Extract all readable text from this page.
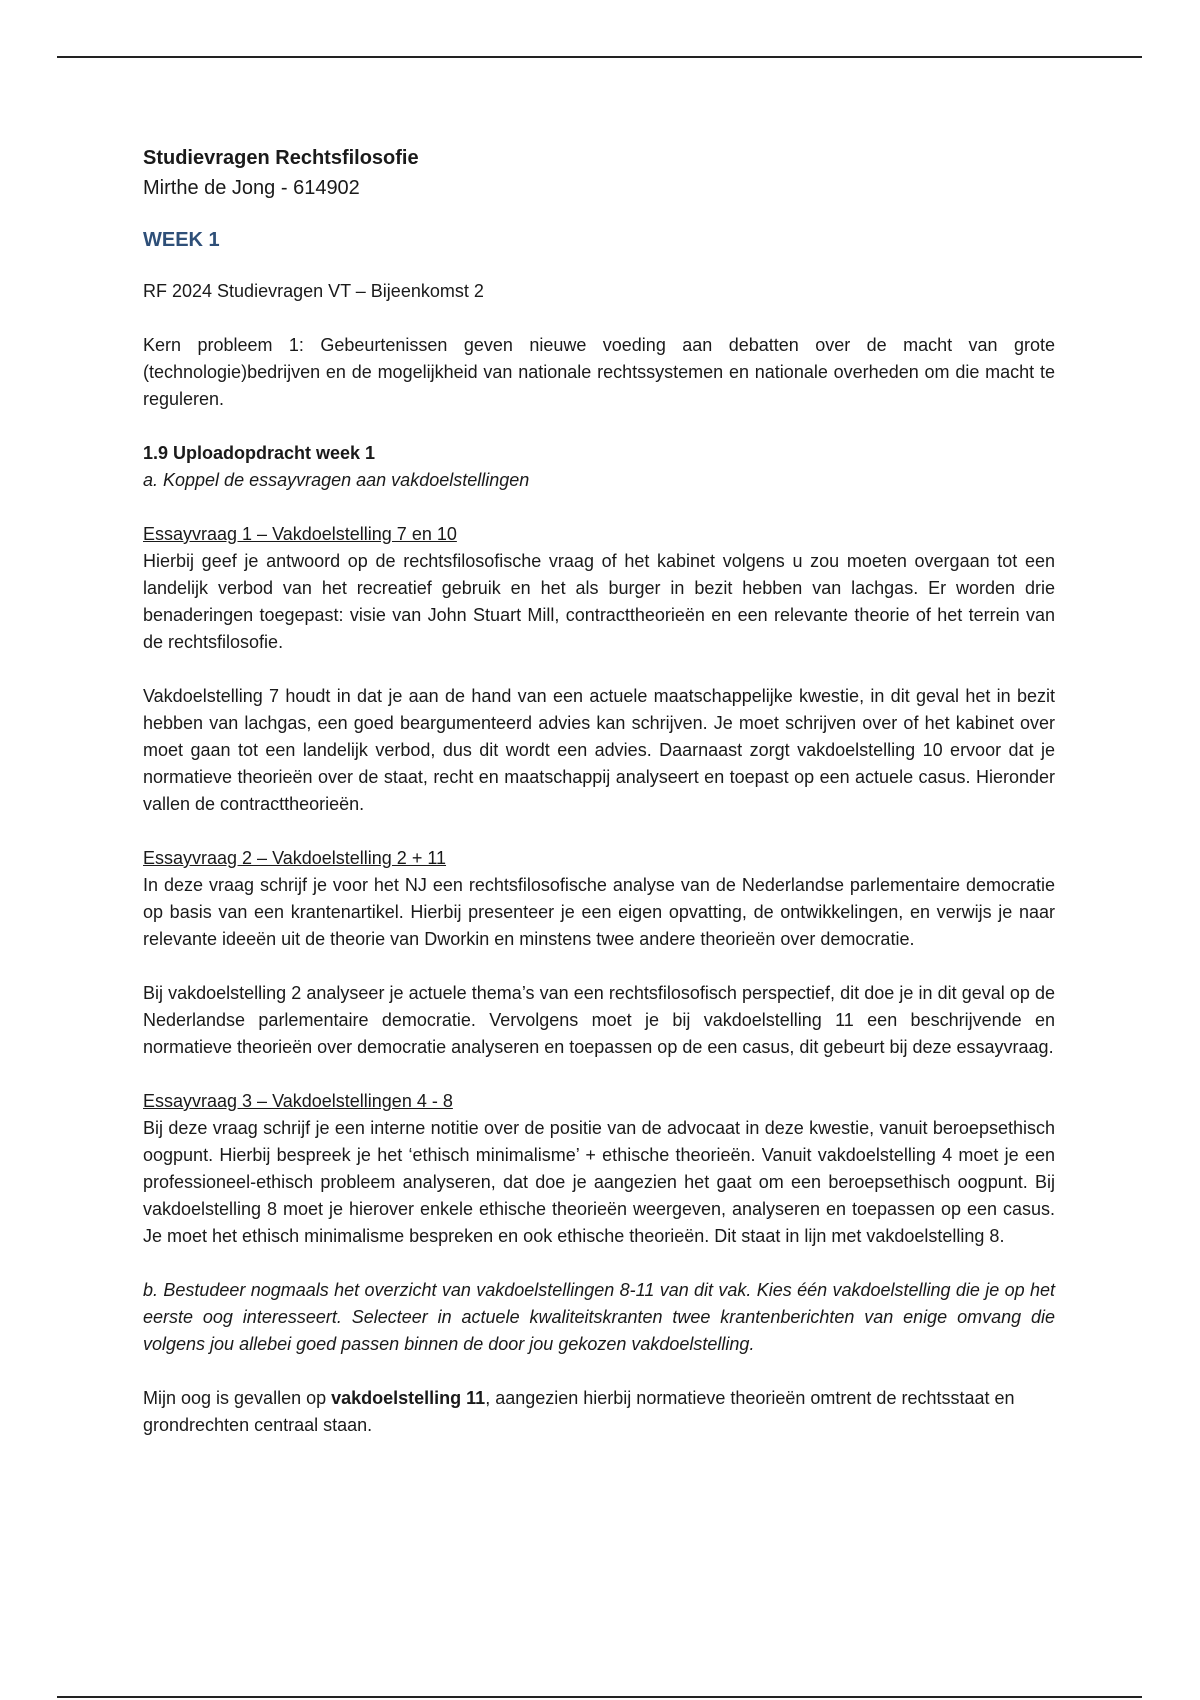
Studievragen Rechtsfilosofie
Mirthe de Jong - 614902
WEEK 1

RF 2024 Studievragen VT – Bijeenkomst 2

Kern probleem 1: Gebeurtenissen geven nieuwe voeding aan debatten over de macht van grote (technologie)bedrijven en de mogelijkheid van nationale rechtssystemen en nationale overheden om die macht te reguleren.

1.9 Uploadopdracht week 1

a. Koppel de essayvragen aan vakdoelstellingen

Essayvraag 1 – Vakdoelstelling 7 en 10

Hierbij geef je antwoord op de rechtsfilosofische vraag of het kabinet volgens u zou moeten overgaan tot een landelijk verbod van het recreatief gebruik en het als burger in bezit hebben van lachgas. Er worden drie benaderingen toegepast: visie van John Stuart Mill, contracttheorieën en een relevante theorie of het terrein van de rechtsfilosofie.

Vakdoelstelling 7 houdt in dat je aan de hand van een actuele maatschappelijke kwestie, in dit geval het in bezit hebben van lachgas, een goed beargumenteerd advies kan schrijven. Je moet schrijven over of het kabinet over moet gaan tot een landelijk verbod, dus dit wordt een advies. Daarnaast zorgt vakdoelstelling 10 ervoor dat je normatieve theorieën over de staat, recht en maatschappij analyseert en toepast op een actuele casus. Hieronder vallen de contracttheorieën.

Essayvraag 2 – Vakdoelstelling 2 + 11

In deze vraag schrijf je voor het NJ een rechtsfilosofische analyse van de Nederlandse parlementaire democratie op basis van een krantenartikel. Hierbij presenteer je een eigen opvatting, de ontwikkelingen, en verwijs je naar relevante ideeën uit de theorie van Dworkin en minstens twee andere theorieën over democratie.

Bij vakdoelstelling 2 analyseer je actuele thema’s van een rechtsfilosofisch perspectief, dit doe je in dit geval op de Nederlandse parlementaire democratie. Vervolgens moet je bij vakdoelstelling 11 een beschrijvende en normatieve theorieën over democratie analyseren en toepassen op de een casus, dit gebeurt bij deze essayvraag.

Essayvraag 3 – Vakdoelstellingen 4 - 8

Bij deze vraag schrijf je een interne notitie over de positie van de advocaat in deze kwestie, vanuit beroepsethisch oogpunt. Hierbij bespreek je het ‘ethisch minimalisme’ + ethische theorieën. Vanuit vakdoelstelling 4 moet je een professioneel-ethisch probleem analyseren, dat doe je aangezien het gaat om een beroepsethisch oogpunt. Bij vakdoelstelling 8 moet je hierover enkele ethische theorieën weergeven, analyseren en toepassen op een casus. Je moet het ethisch minimalisme bespreken en ook ethische theorieën. Dit staat in lijn met vakdoelstelling 8.

b. Bestudeer nogmaals het overzicht van vakdoelstellingen 8-11 van dit vak. Kies één vakdoelstelling die je op het eerste oog interesseert. Selecteer in actuele kwaliteitskranten twee krantenberichten van enige omvang die volgens jou allebei goed passen binnen de door jou gekozen vakdoelstelling.

Mijn oog is gevallen op vakdoelstelling 11, aangezien hierbij normatieve theorieën omtrent de rechtsstaat en grondrechten centraal staan.
